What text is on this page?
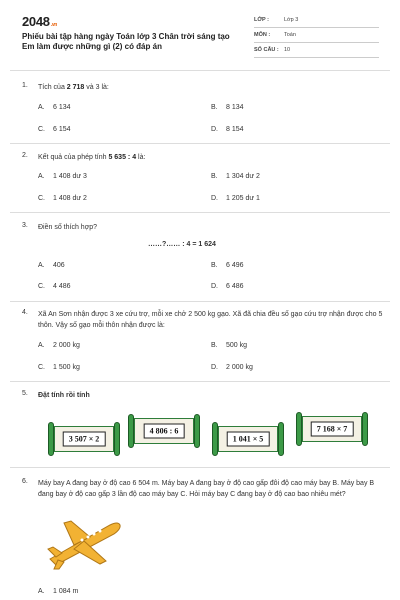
2048.vn
Phiếu bài tập hàng ngày Toán lớp 3 Chân trời sáng tạo Em làm được những gì (2) có đáp án
LỚP :	Lớp 3
MÔN :	Toán
SỐ CÂU : 10
1. Tích của 2 718 và 3 là:
A. 6 134	B. 8 134
C. 6 154	D. 8 154
2. Kết quả của phép tính 5 635 : 4 là:
A. 1 408 dư 3	B. 1 304 dư 2
C. 1 408 dư 2	D. 1 205 dư 1
3. Điền số thích hợp?
……?…… : 4 = 1 624
A. 406	B. 6 496
C. 4 486	D. 6 486
4. Xã An Sơn nhận được 3 xe cứu trợ, mỗi xe chở 2 500 kg gạo. Xã đã chia đều số gạo cứu trợ nhận được cho 5 thôn. Vậy số gạo mỗi thôn nhận được là:
A. 2 000 kg	B. 500 kg
C. 1 500 kg	D. 2 000 kg
5. Đặt tính rồi tính
3 507 × 2
4 806 : 6
1 041 × 5
7 168 × 7
6. Máy bay A đang bay ở độ cao 6 504 m. Máy bay A đang bay ở độ cao gấp đôi độ cao máy bay B. Máy bay B đang bay ở độ cao gấp 3 lần độ cao máy bay C. Hỏi máy bay C đang bay ở độ cao bao nhiêu mét?
A. 1 084 m
